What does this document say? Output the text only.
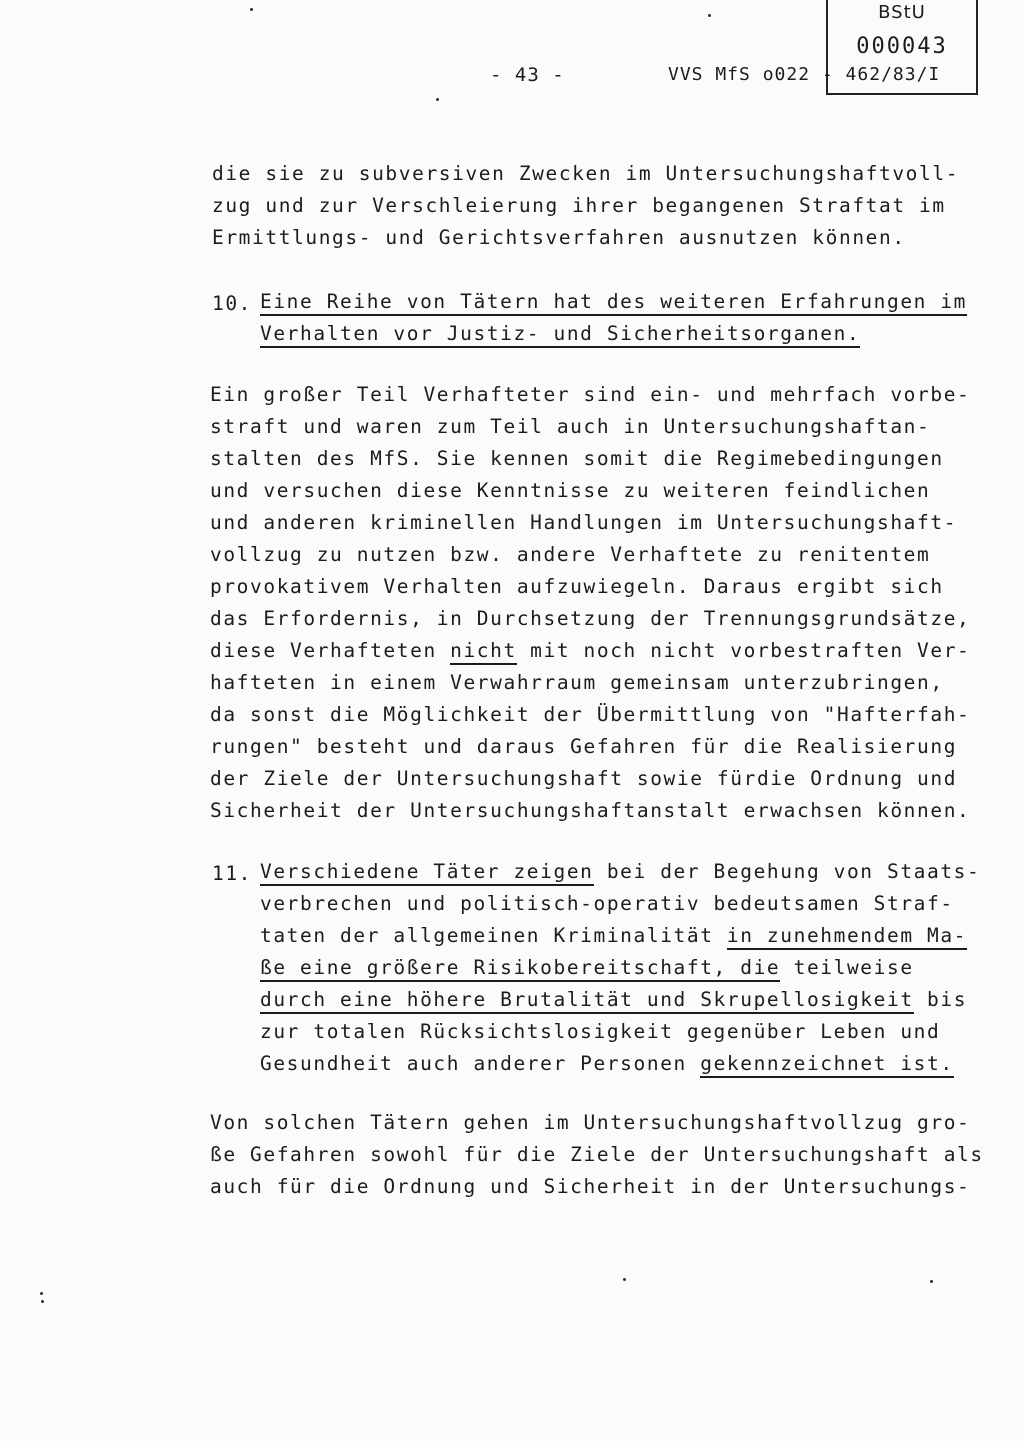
BStU
000043
- 43 -	VVS MfS o022 - 462/83/I
die sie zu subversiven Zwecken im Untersuchungshaftvoll-
zug und zur Verschleierung ihrer begangenen Straftat im
Ermittlungs- und Gerichtsverfahren ausnutzen können.
10. Eine Reihe von Tätern hat des weiteren Erfahrungen im
Verhalten vor Justiz- und Sicherheitsorganen.
Ein großer Teil Verhafteter sind ein- und mehrfach vorbe-
straft und waren zum Teil auch in Untersuchungshaftan-
stalten des MfS. Sie kennen somit die Regimebedingungen
und versuchen diese Kenntnisse zu weiteren feindlichen
und anderen kriminellen Handlungen im Untersuchungshaft-
vollzug zu nutzen bzw. andere Verhaftete zu renitentem
provokativem Verhalten aufzuwiegeln. Daraus ergibt sich
das Erfordernis, in Durchsetzung der Trennungsgrundsätze,
diese Verhafteten nicht mit noch nicht vorbestraften Ver-
hafteten in einem Verwahrraum gemeinsam unterzubringen,
da sonst die Möglichkeit der Übermittlung von "Hafterfah-
rungen" besteht und daraus Gefahren für die Realisierung
der Ziele der Untersuchungshaft sowie fürdie Ordnung und
Sicherheit der Untersuchungshaftanstalt erwachsen können.
11. Verschiedene Täter zeigen bei der Begehung von Staats-
verbrechen und politisch-operativ bedeutsamen Straf-
taten der allgemeinen Kriminalität in zunehmendem Ma-
ße eine größere Risikobereitschaft, die teilweise
durch eine höhere Brutalität und Skrupellosigkeit bis
zur totalen Rücksichtslosigkeit gegenüber Leben und
Gesundheit auch anderer Personen gekennzeichnet ist.
Von solchen Tätern gehen im Untersuchungshaftvollzug gro-
ße Gefahren sowohl für die Ziele der Untersuchungshaft als
auch für die Ordnung und Sicherheit in der Untersuchungs-
